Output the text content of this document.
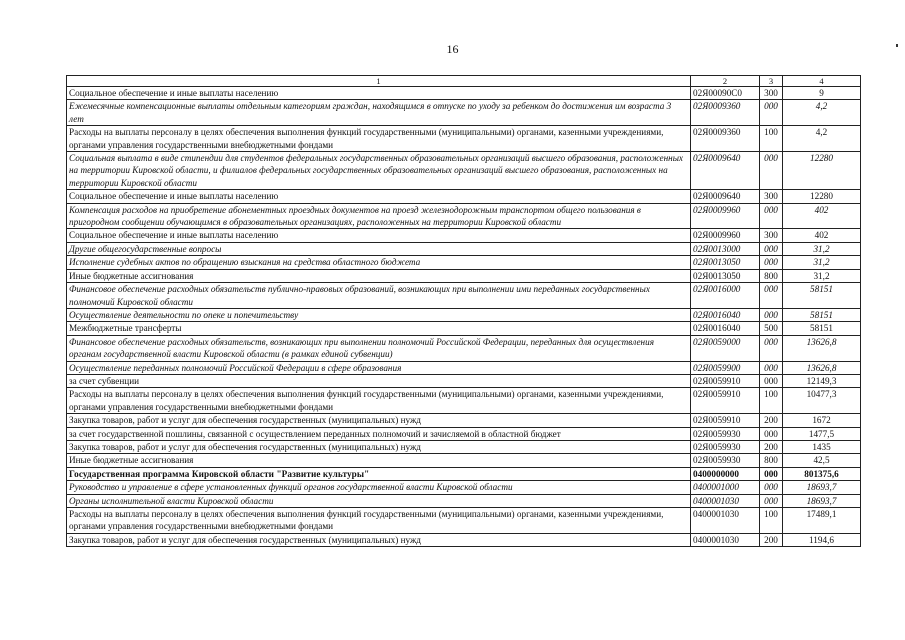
16
1	2	3	4
Социальное обеспечение и иные выплаты населению	02Я00090С0	300	9
Ежемесячные компенсационные выплаты отдельным категориям граждан, находящимся в отпуске по уходу за ребенком до достижения им возраста 3 лет	02Я0009360	000	4,2
Расходы на выплаты персоналу в целях обеспечения выполнения функций государственными (муниципальными) органами, казенными учреждениями, органами управления государственными внебюджетными фондами	02Я0009360	100	4,2
Социальная выплата в виде стипендии для студентов федеральных государственных образовательных организаций высшего образования, расположенных на территории Кировской области, и филиалов федеральных государственных образовательных организаций высшего образования, расположенных на территории Кировской области	02Я0009640	000	12280
Социальное обеспечение и иные выплаты населению	02Я0009640	300	12280
Компенсация расходов на приобретение абонементных проездных документов на проезд железнодорожным транспортом общего пользования в пригородном сообщении обучающимся в образовательных организациях, расположенных на территории Кировской области	02Я0009960	000	402
Социальное обеспечение и иные выплаты населению	02Я0009960	300	402
Другие общегосударственные вопросы	02Я0013000	000	31,2
Исполнение судебных актов по обращению взыскания на средства областного бюджета	02Я0013050	000	31,2
Иные бюджетные ассигнования	02Я0013050	800	31,2
Финансовое обеспечение расходных обязательств публично-правовых образований, возникающих при выполнении ими переданных государственных полномочий Кировской области	02Я0016000	000	58151
Осуществление деятельности по опеке и попечительству	02Я0016040	000	58151
Межбюджетные трансферты	02Я0016040	500	58151
Финансовое обеспечение расходных обязательств, возникающих при выполнении полномочий Российской Федерации, переданных для осуществления органам государственной власти Кировской области (в рамках единой субвенции)	02Я0059000	000	13626,8
Осуществление переданных полномочий Российской Федерации в сфере образования	02Я0059900	000	13626,8
за счет субвенции	02Я0059910	000	12149,3
Расходы на выплаты персоналу в целях обеспечения выполнения функций государственными (муниципальными) органами, казенными учреждениями, органами управления государственными внебюджетными фондами	02Я0059910	100	10477,3
Закупка товаров, работ и услуг для обеспечения государственных (муниципальных) нужд	02Я0059910	200	1672
за счет государственной пошлины, связанной с осуществлением переданных полномочий и зачисляемой в областной бюджет	02Я0059930	000	1477,5
Закупка товаров, работ и услуг для обеспечения государственных (муниципальных) нужд	02Я0059930	200	1435
Иные бюджетные ассигнования	02Я0059930	800	42,5
Государственная программа Кировской области "Развитие культуры"	0400000000	000	801375,6
Руководство и управление в сфере установленных функций органов государственной власти Кировской области	0400001000	000	18693,7
Органы исполнительной власти Кировской области	0400001030	000	18693,7
Расходы на выплаты персоналу в целях обеспечения выполнения функций государственными (муниципальными) органами, казенными учреждениями, органами управления государственными внебюджетными фондами	0400001030	100	17489,1
Закупка товаров, работ и услуг для обеспечения государственных (муниципальных) нужд	0400001030	200	1194,6
